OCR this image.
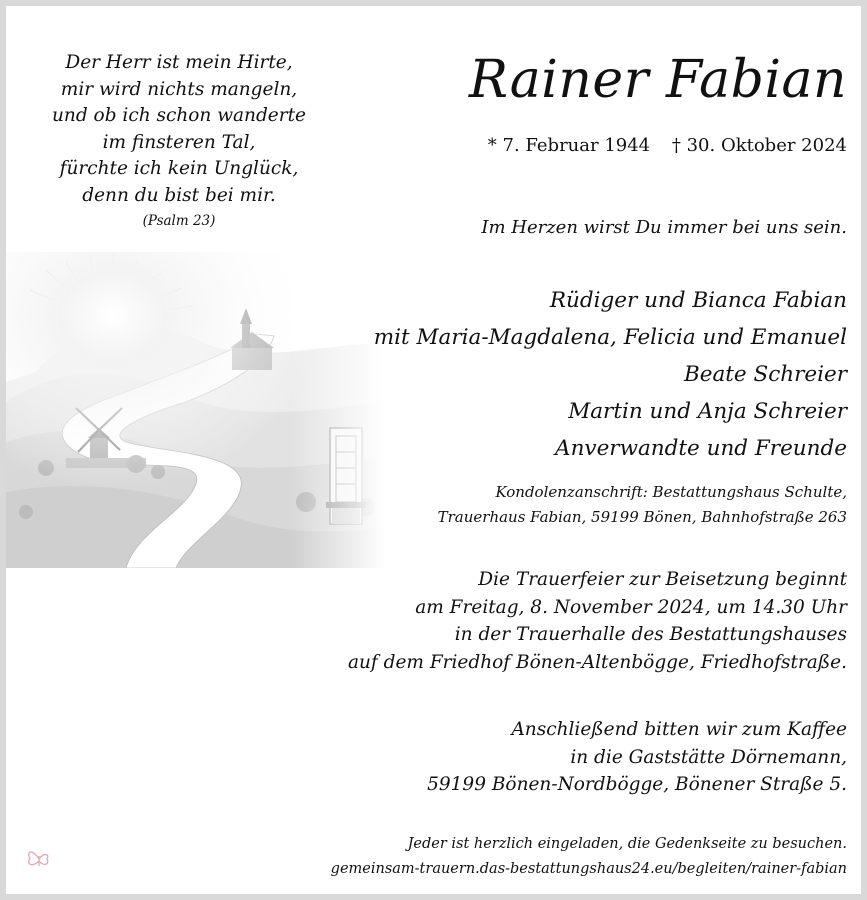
Der Herr ist mein Hirte,
mir wird nichts mangeln,
und ob ich schon wanderte
im finsteren Tal,
fürchte ich kein Unglück,
denn du bist bei mir.
(Psalm 23)
Rainer Fabian
* 7. Februar 1944 † 30. Oktober 2024
Im Herzen wirst Du immer bei uns sein.
Rüdiger und Bianca Fabian
mit Maria-Magdalena, Felicia und Emanuel
Beate Schreier
Martin und Anja Schreier
Anverwandte und Freunde
Kondolenzanschrift: Bestattungshaus Schulte,
Trauerhaus Fabian, 59199 Bönen, Bahnhofstraße 263
Die Trauerfeier zur Beisetzung beginnt
am Freitag, 8. November 2024, um 14.30 Uhr
in der Trauerhalle des Bestattungshauses
auf dem Friedhof Bönen-Altenbögge, Friedhofstraße.
Anschließend bitten wir zum Kaffee
in die Gaststätte Dörnemann,
59199 Bönen-Nordbögge, Bönener Straße 5.
Jeder ist herzlich eingeladen, die Gedenkseite zu besuchen.
gemeinsam-trauern.das-bestattungshaus24.eu/begleiten/rainer-fabian
